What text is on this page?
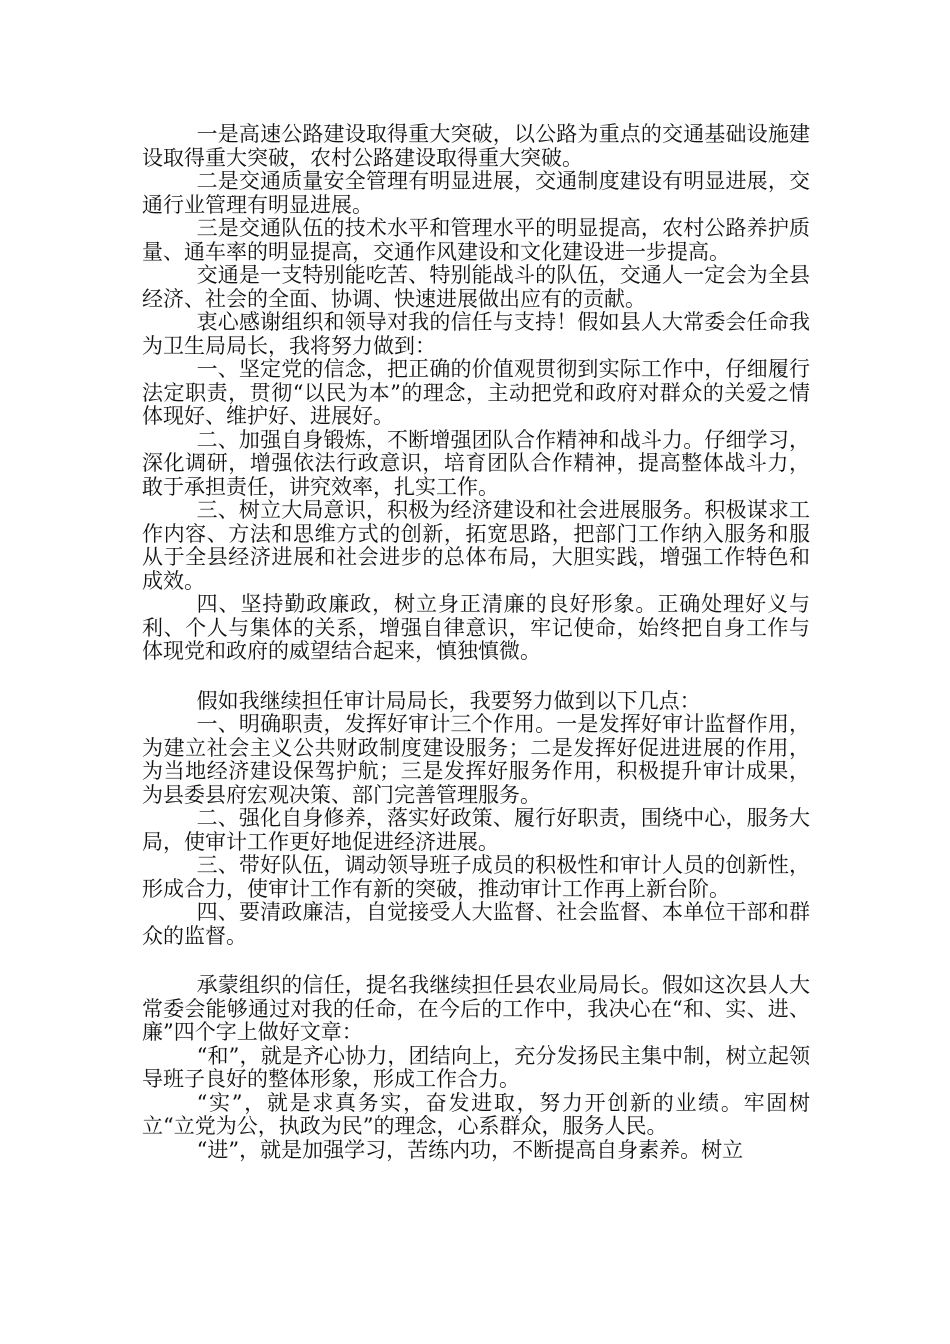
一是高速公路建设取得重大突破，以公路为重点的交通基础设施建设取得重大突破，农村公路建设取得重大突破。

二是交通质量安全管理有明显进展，交通制度建设有明显进展，交通行业管理有明显进展。

三是交通队伍的技术水平和管理水平的明显提高，农村公路养护质量、通车率的明显提高，交通作风建设和文化建设进一步提高。

交通是一支特别能吃苦、特别能战斗的队伍，交通人一定会为全县经济、社会的全面、协调、快速进展做出应有的贡献。

衷心感谢组织和领导对我的信任与支持！假如县人大常委会任命我为卫生局局长，我将努力做到：

一、坚定党的信念，把正确的价值观贯彻到实际工作中，仔细履行法定职责，贯彻“以民为本”的理念，主动把党和政府对群众的关爱之情体现好、维护好、进展好。

二、加强自身锻炼，不断增强团队合作精神和战斗力。仔细学习，深化调研，增强依法行政意识，培育团队合作精神，提高整体战斗力，敢于承担责任，讲究效率，扎实工作。

三、树立大局意识，积极为经济建设和社会进展服务。积极谋求工作内容、方法和思维方式的创新，拓宽思路，把部门工作纳入服务和服从于全县经济进展和社会进步的总体布局，大胆实践，增强工作特色和成效。

四、坚持勤政廉政，树立身正清廉的良好形象。正确处理好义与利、个人与集体的关系，增强自律意识，牢记使命，始终把自身工作与体现党和政府的威望结合起来，慎独慎微。

假如我继续担任审计局局长，我要努力做到以下几点：

一、明确职责，发挥好审计三个作用。一是发挥好审计监督作用，为建立社会主义公共财政制度建设服务；二是发挥好促进进展的作用，为当地经济建设保驾护航；三是发挥好服务作用，积极提升审计成果，为县委县府宏观决策、部门完善管理服务。

二、强化自身修养，落实好政策、履行好职责，围绕中心，服务大局，使审计工作更好地促进经济进展。

三、带好队伍，调动领导班子成员的积极性和审计人员的创新性，形成合力，使审计工作有新的突破，推动审计工作再上新台阶。

四、要清政廉洁，自觉接受人大监督、社会监督、本单位干部和群众的监督。

承蒙组织的信任，提名我继续担任县农业局局长。假如这次县人大常委会能够通过对我的任命，在今后的工作中，我决心在“和、实、进、廉”四个字上做好文章：

“和”，就是齐心协力，团结向上，充分发扬民主集中制，树立起领导班子良好的整体形象，形成工作合力。

“实”，就是求真务实，奋发进取，努力开创新的业绩。牢固树立“立党为公，执政为民”的理念，心系群众，服务人民。

“进”，就是加强学习，苦练内功，不断提高自身素养。树立
